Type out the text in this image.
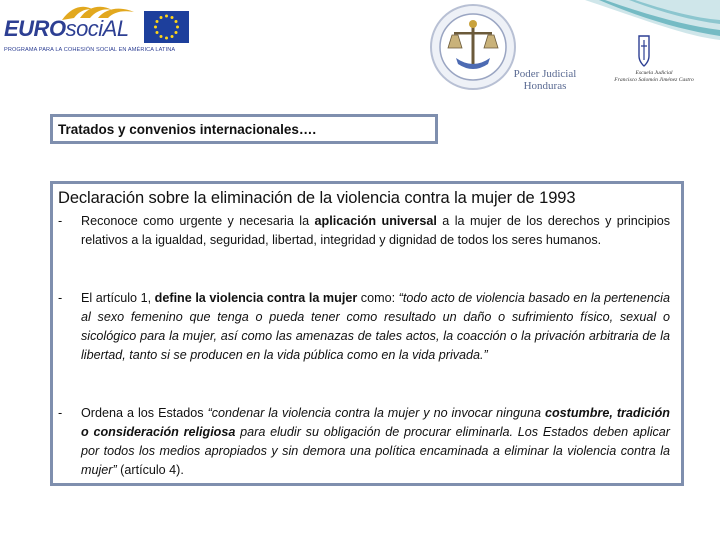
EUROsociAL
PROGRAMA PARA LA COHESIÓN SOCIAL EN AMÉRICA LATINA
Poder Judicial
Honduras
Escuela Judicial
Francisco Salomón Jiménez Castro
Tratados y convenios internacionales….
Declaración sobre la eliminación de la violencia contra la mujer de 1993
- Reconoce como urgente y necesaria la aplicación universal a la mujer de los derechos y principios relativos a la igualdad, seguridad, libertad, integridad y dignidad de todos los seres humanos.

- El artículo 1, define la violencia contra la mujer como: “todo acto de violencia basado en la pertenencia al sexo femenino que tenga o pueda tener como resultado un daño o sufrimiento físico, sexual o sicológico para la mujer, así como las amenazas de tales actos, la coacción o la privación arbitraria de la libertad, tanto si se producen en la vida pública como en la vida privada.”

- Ordena a los Estados “condenar la violencia contra la mujer y no invocar ninguna costumbre, tradición o consideración religiosa para eludir su obligación de procurar eliminarla. Los Estados deben aplicar por todos los medios apropiados y sin demora una política encaminada a eliminar la violencia contra la mujer” (artículo 4).
